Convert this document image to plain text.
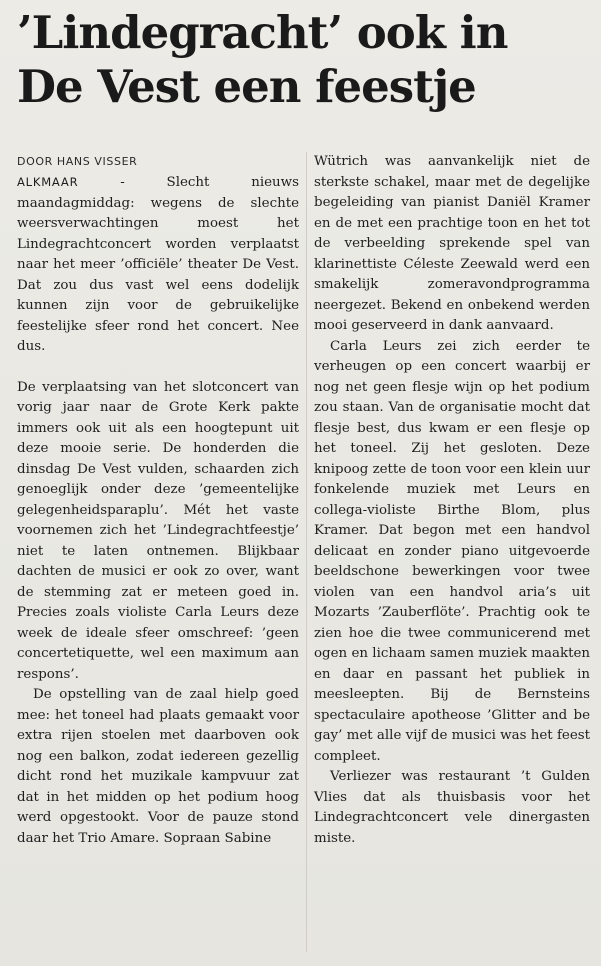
’Lindegracht’ ook in
De Vest een feestje
DOOR HANS VISSER

ALKMAAR	- Slecht nieuws maandagmiddag: wegens de slechte weersverwachtingen moest het Lindegrachtconcert worden verplaatst naar het meer ’officiële’ theater De Vest. Dat zou dus vast wel eens dodelijk kunnen zijn voor de gebruikelijke feestelijke sfeer rond het concert. Nee dus.

De verplaatsing van het slotconcert van vorig jaar naar de Grote Kerk pakte immers ook uit als een hoogtepunt uit deze mooie serie. De honderden die dinsdag De Vest vulden, schaarden zich genoeglijk onder deze ’gemeentelijke gelegenheidsparaplu’. Mét het vaste voornemen zich het ’Lindegrachtfeestje’ niet te laten ontnemen. Blijkbaar dachten de musici er ook zo over, want de stemming zat er meteen goed in. Precies zoals violiste Carla Leurs deze week de ideale sfeer omschreef: ’geen concertetiquette, wel een maximum aan respons’.

De opstelling van de zaal hielp goed mee: het toneel had plaats gemaakt voor extra rijen stoelen met daarboven ook nog een balkon, zodat iedereen gezellig dicht rond het muzikale kampvuur zat dat in het midden op het podium hoog werd opgestookt. Voor de pauze stond daar het Trio Amare. Sopraan Sabine

Wütrich was aanvankelijk niet de sterkste schakel, maar met de degelijke begeleiding van pianist Daniël Kramer en de met een prachtige toon en het tot de verbeelding sprekende spel van klarinettiste Céleste Zeewald werd een smakelijk zomeravondprogramma neergezet. Bekend en onbekend werden mooi geserveerd in dank aanvaard.

Carla Leurs zei zich eerder te verheugen op een concert waarbij er nog net geen flesje wijn op het podium zou staan. Van de organisatie mocht dat flesje best, dus kwam er een flesje op het toneel. Zij het gesloten. Deze knipoog zette de toon voor een klein uur fonkelende muziek met Leurs en collega-violiste Birthe Blom, plus Kramer. Dat begon met een handvol delicaat en zonder piano uitgevoerde beeldschone bewerkingen voor twee violen van een handvol aria’s uit Mozarts ’Zauberflöte’. Prachtig ook te zien hoe die twee communicerend met ogen en lichaam samen muziek maakten en daar en passant het publiek in meesleepten. Bij de Bernsteins spectaculaire apotheose ’Glitter and be gay’ met alle vijf de musici was het feest compleet.

Verliezer was restaurant ’t Gulden Vlies dat als thuisbasis voor het Lindegrachtconcert vele dinergasten miste.
